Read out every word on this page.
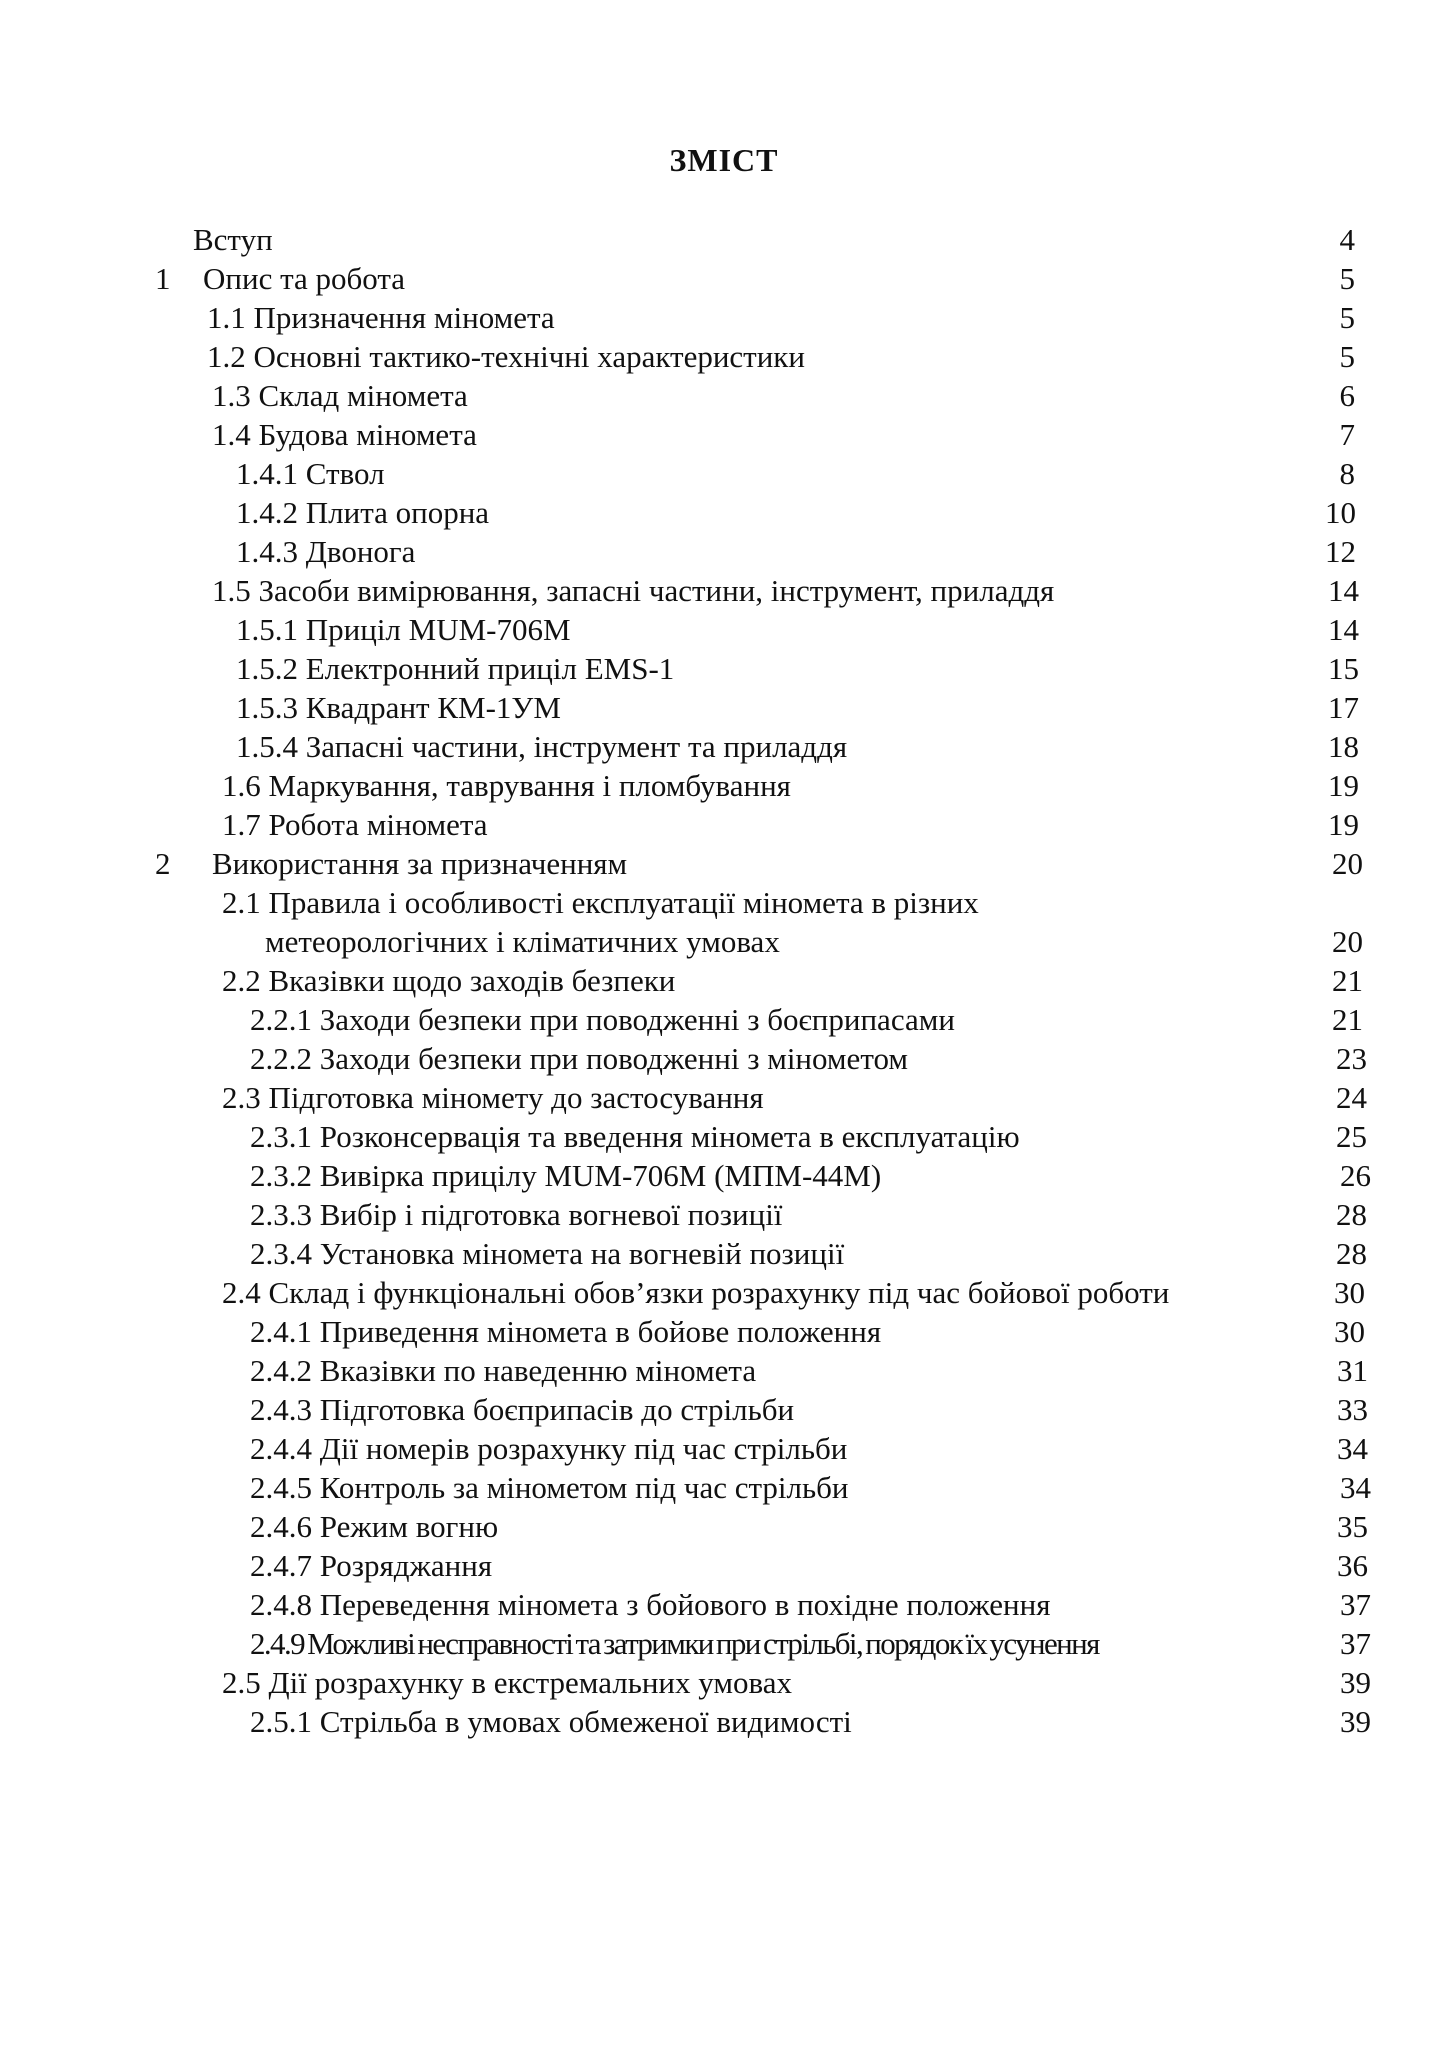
ЗМІСТ
Вступ	4
1 Опис та робота	5
1.1 Призначення міномета	5
1.2 Основні тактико-технічні характеристики	5
1.3 Склад міномета	6
1.4 Будова міномета	7
1.4.1 Ствол	8
1.4.2 Плита опорна	10
1.4.3 Двонога	12
1.5 Засоби вимірювання, запасні частини, інструмент, приладдя	14
1.5.1 Приціл MUM-706M	14
1.5.2 Електронний приціл EMS-1	15
1.5.3 Квадрант КМ-1УМ	17
1.5.4 Запасні частини, інструмент та приладдя	18
1.6 Маркування, таврування і пломбування	19
1.7 Робота міномета	19
2 Використання за призначенням	20
2.1 Правила і особливості експлуатації міномета в різних
метеорологічних і кліматичних умовах	20
2.2 Вказівки щодо заходів безпеки	21
2.2.1 Заходи безпеки при поводженні з боєприпасами	21
2.2.2 Заходи безпеки при поводженні з мінометом	23
2.3 Підготовка міномету до застосування	24
2.3.1 Розконсервація та введення міномета в експлуатацію	25
2.3.2 Вивірка прицілу MUM-706M (МПМ-44М)	26
2.3.3 Вибір і підготовка вогневої позиції	28
2.3.4 Установка міномета на вогневій позиції	28
2.4 Склад і функціональні обов’язки розрахунку під час бойової роботи	30
2.4.1 Приведення міномета в бойове положення	30
2.4.2 Вказівки по наведенню міномета	31
2.4.3 Підготовка боєприпасів до стрільби	33
2.4.4 Дії номерів розрахунку під час стрільби	34
2.4.5 Контроль за мінометом під час стрільби	34
2.4.6 Режим вогню	35
2.4.7 Розряджання	36
2.4.8 Переведення міномета з бойового в похідне положення	37
2.4.9 Можливі несправності та затримки при стрільбі, порядок їх усунення	37
2.5 Дії розрахунку в екстремальних умовах	39
2.5.1 Стрільба в умовах обмеженої видимості	39
